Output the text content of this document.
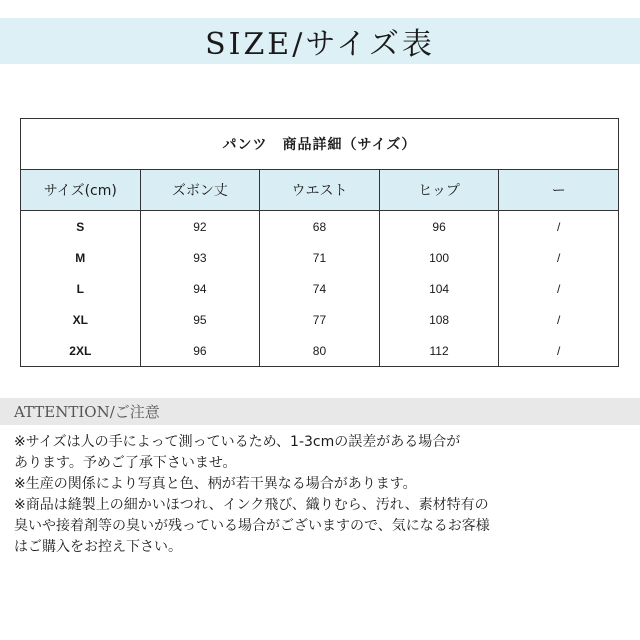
SIZE/サイズ表
パンツ　商品詳細（サイズ）				
サイズ(cm)	ズボン丈	ウエスト	ヒップ	ー
S	92	68	96	/
M	93	71	100	/
L	94	74	104	/
XL	95	77	108	/
2XL	96	80	112	/
ATTENTION/ご注意

※サイズは人の手によって測っているため、1-3cmの誤差がある場合が

あります。予めご了承下さいませ。

※生産の関係により写真と色、柄が若干異なる場合があります。

※商品は縫製上の細かいほつれ、インク飛び、織りむら、汚れ、素材特有の

臭いや接着剤等の臭いが残っている場合がございますので、気になるお客様

はご購入をお控え下さい。
